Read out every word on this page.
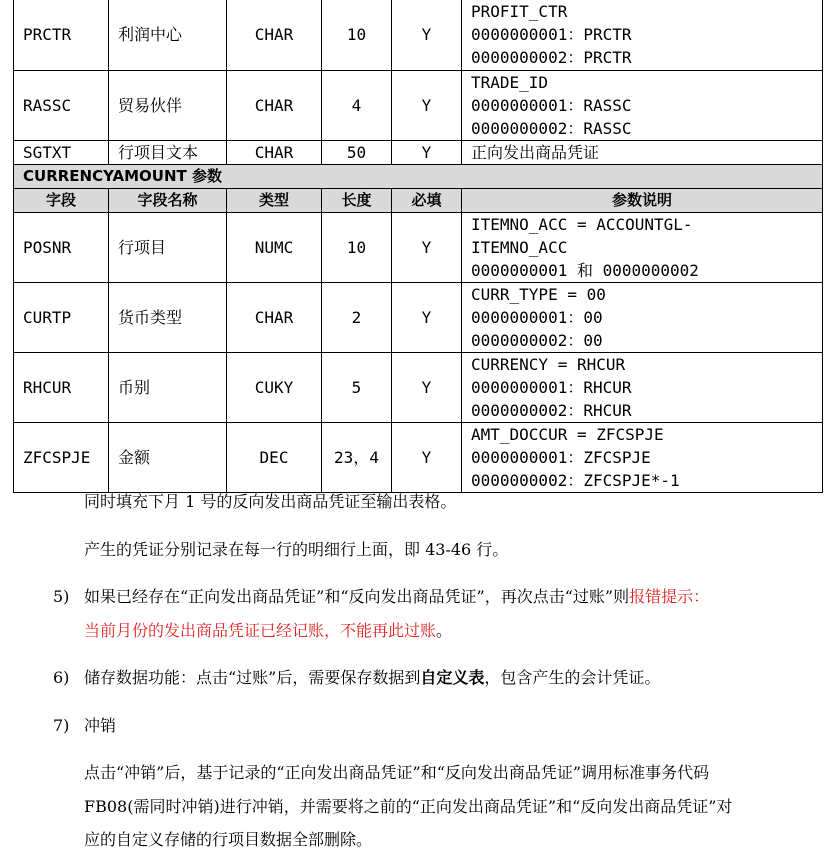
PRCTR	利润中心	CHAR	10	Y	PROFIT_CTR
0000000001：PRCTR
0000000002：PRCTR

RASSC	贸易伙伴	CHAR	4	Y	TRADE_ID
0000000001：RASSC
0000000002：RASSC

SGTXT	行项目文本	CHAR	50	Y	正向发出商品凭证

CURRENCYAMOUNT 参数					
字段	字段名称	类型	长度	必填	参数说明
POSNR	行项目	NUMC	10	Y	ITEMNO_ACC = ACCOUNTGL-
ITEMNO_ACC
0000000001 和 0000000002

CURTP	货币类型	CHAR	2	Y	CURR_TYPE = 00
0000000001：00
0000000002：00

RHCUR	币别	CUKY	5	Y	CURRENCY = RHCUR
0000000001：RHCUR
0000000002：RHCUR

ZFCSPJE	金额	DEC	23，4	Y	AMT_DOCCUR = ZFCSPJE
0000000001：ZFCSPJE
0000000002：ZFCSPJE*-1
同时填充下月 1 号的反向发出商品凭证至输出表格。
产生的凭证分别记录在每一行的明细行上面，即 43-46 行。
5) 如果已经存在“正向发出商品凭证”和“反向发出商品凭证”，再次点击“过账”则报错提示：
当前月份的发出商品凭证已经记账，不能再此过账。
6) 储存数据功能：点击“过账”后，需要保存数据到自定义表，包含产生的会计凭证。
7) 冲销
点击“冲销”后，基于记录的“正向发出商品凭证”和“反向发出商品凭证”调用标准事务代码
FB08(需同时冲销)进行冲销，并需要将之前的“正向发出商品凭证”和“反向发出商品凭证”对
应的自定义存储的行项目数据全部删除。
